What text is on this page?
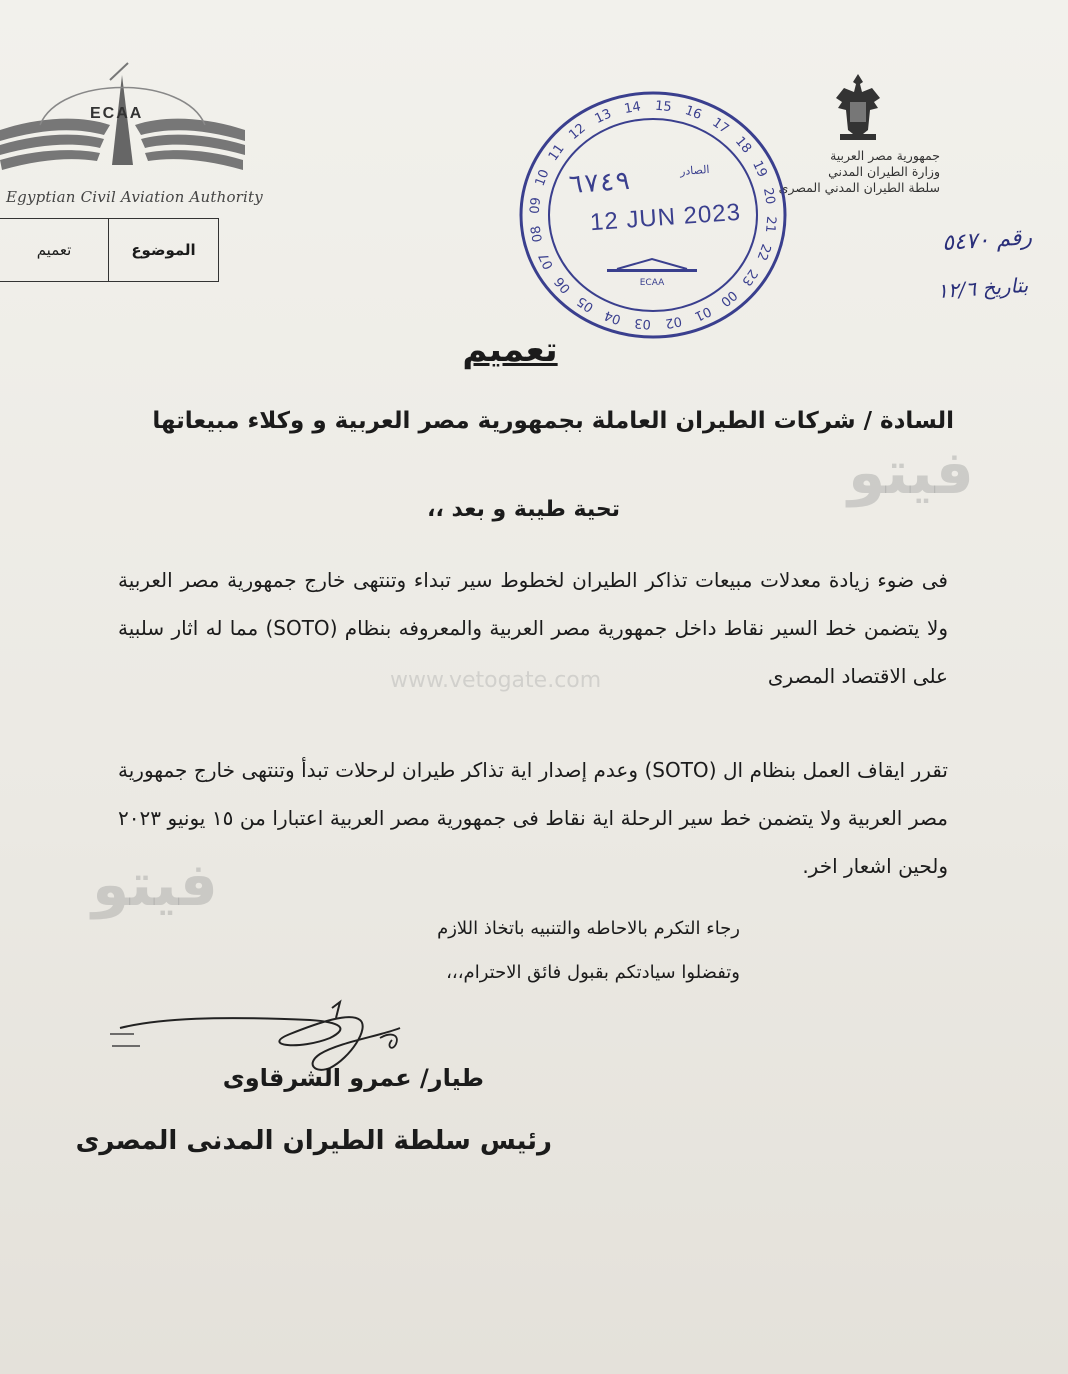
ECAA
Egyptian Civil Aviation Authority
الموضوع
تعميم
جمهورية مصر العربية
وزارة الطيران المدني
سلطة الطيران المدني المصري
رقم ٥٤٧٠
بتاريخ ١٢/٦
14 15 16
17
18
19
20
21
22
23
00
01
02
03
04
05
06
07
08
09
10
11
12
13
ECAA
٦٧٤٩	الصادر
12 JUN 2023
تعميم
فيتو
فيتو
www.vetogate.com
السادة / شركات الطيران العاملة بجمهورية مصر العربية و وكلاء مبيعاتها
تحية طيبة و بعد ،،
فى ضوء زيادة معدلات مبيعات تذاكر الطيران لخطوط سير تبداء وتنتهى خارج جمهورية مصر العربية ولا يتضمن خط السير نقاط داخل جمهورية مصر العربية والمعروفه بنظام (SOTO) مما له اثار سلبية على الاقتصاد المصرى
تقرر ايقاف العمل بنظام ال (SOTO) وعدم إصدار اية تذاكر طيران لرحلات تبدأ وتنتهى خارج جمهورية مصر العربية ولا يتضمن خط سير الرحلة اية نقاط فى جمهورية مصر العربية اعتبارا من ١٥ يونيو ٢٠٢٣ ولحين اشعار اخر.
رجاء التكرم بالاحاطه والتنبيه باتخاذ اللازم
وتفضلوا سيادتكم بقبول فائق الاحترام،،،
طيار/ عمرو الشرقاوى
رئيس سلطة الطيران المدنى المصرى
